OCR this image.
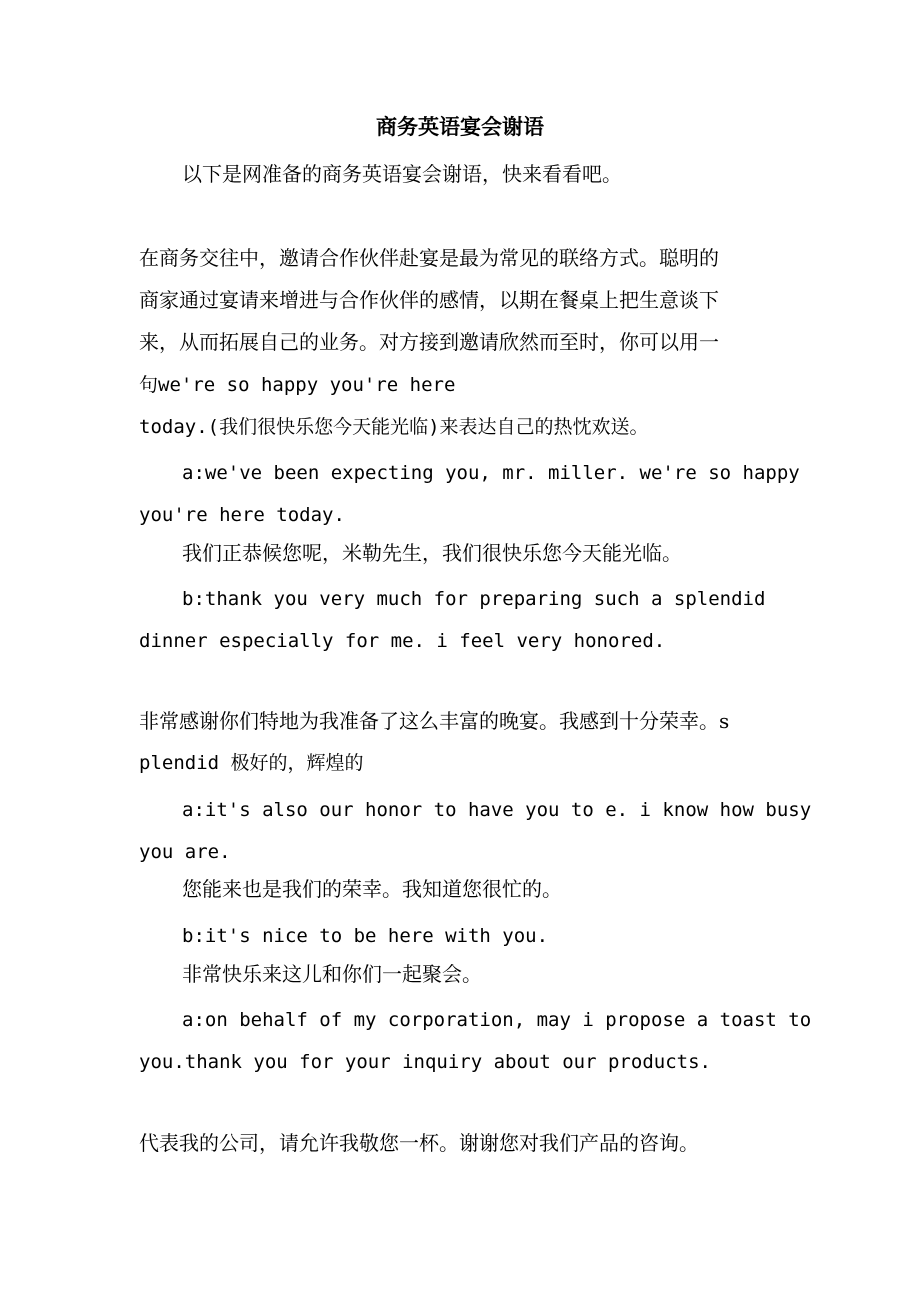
商务英语宴会谢语

以下是网准备的商务英语宴会谢语，快来看看吧。

在商务交往中，邀请合作伙伴赴宴是最为常见的联络方式。聪明的

商家通过宴请来增进与合作伙伴的感情，以期在餐桌上把生意谈下

来，从而拓展自己的业务。对方接到邀请欣然而至时，你可以用一

句we're so happy you're here

today.(我们很快乐您今天能光临)来表达自己的热忱欢送。

a:we've been expecting you, mr. miller. we're so happy

you're here today.

我们正恭候您呢，米勒先生，我们很快乐您今天能光临。

b:thank you very much for preparing such a splendid

dinner especially for me. i feel very honored.

非常感谢你们特地为我准备了这么丰富的晚宴。我感到十分荣幸。s

plendid 极好的，辉煌的

a:it's also our honor to have you to e. i know how busy

you are.

您能来也是我们的荣幸。我知道您很忙的。

b:it's nice to be here with you.

非常快乐来这儿和你们一起聚会。

a:on behalf of my corporation, may i propose a toast to

you.thank you for your inquiry about our products.

代表我的公司，请允许我敬您一杯。谢谢您对我们产品的咨询。
